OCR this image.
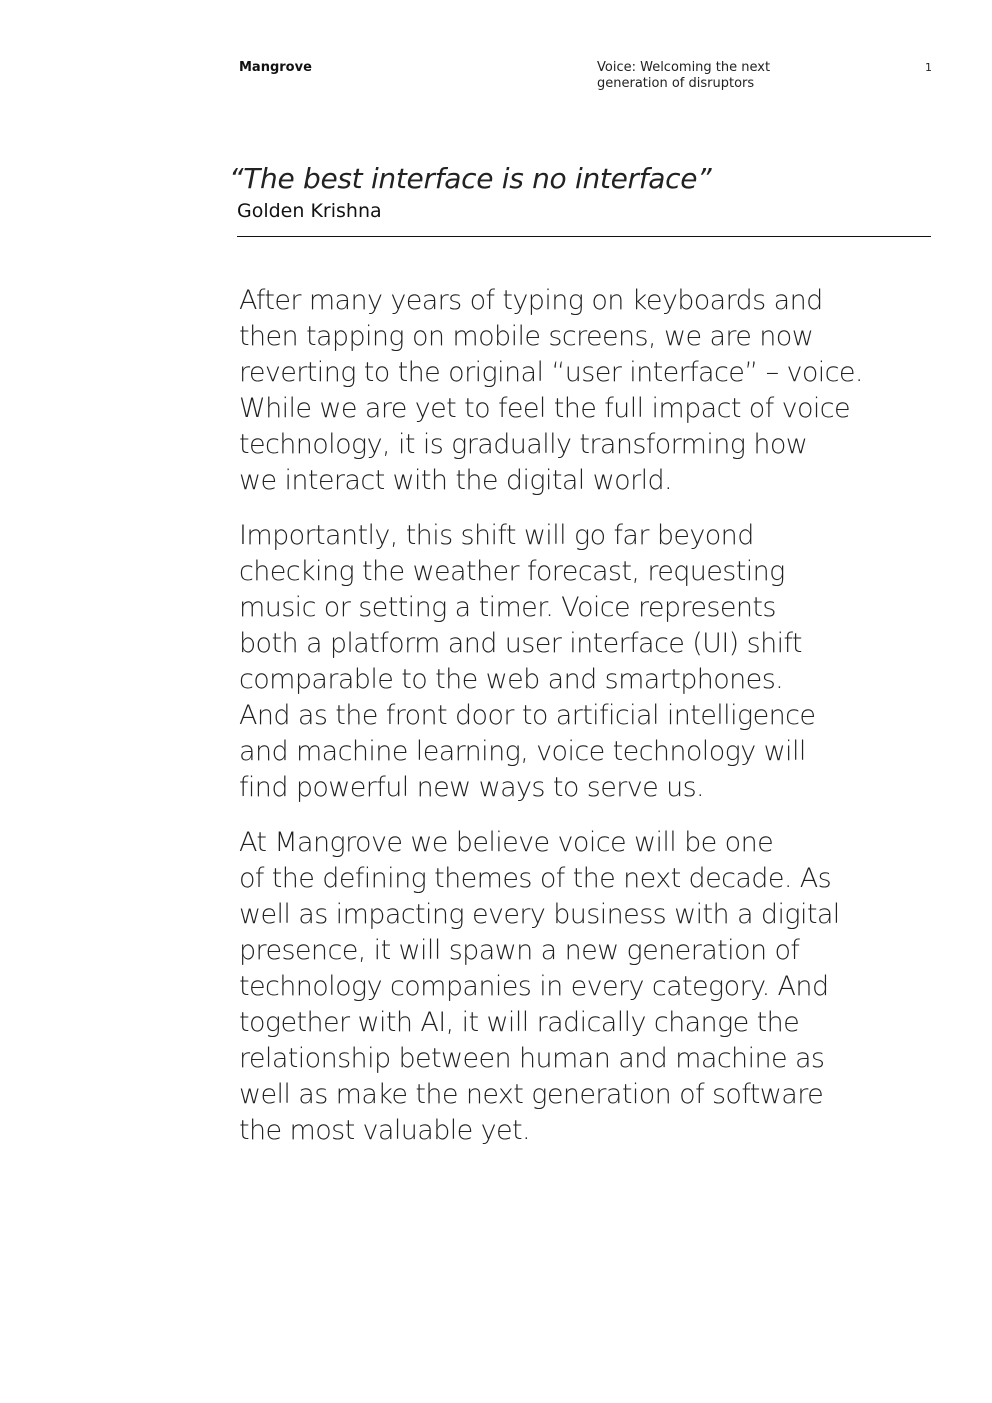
Mangrove	Voice: Welcoming the next
generation of disruptors
1
“The best interface is no interface”
Golden Krishna

After many years of typing on keyboards and
then tapping on mobile screens, we are now
reverting to the original “user interface” – voice.
While we are yet to feel the full impact of voice
technology, it is gradually transforming how
we interact with the digital world.

Importantly, this shift will go far beyond
checking the weather forecast, requesting
music or setting a timer. Voice represents
both a platform and user interface (UI) shift
comparable to the web and smartphones.
And as the front door to artificial intelligence
and machine learning, voice technology will
find powerful new ways to serve us.

At Mangrove we believe voice will be one
of the defining themes of the next decade. As
well as impacting every business with a digital
presence, it will spawn a new generation of
technology companies in every category. And
together with AI, it will radically change the
relationship between human and machine as
well as make the next generation of software
the most valuable yet.
